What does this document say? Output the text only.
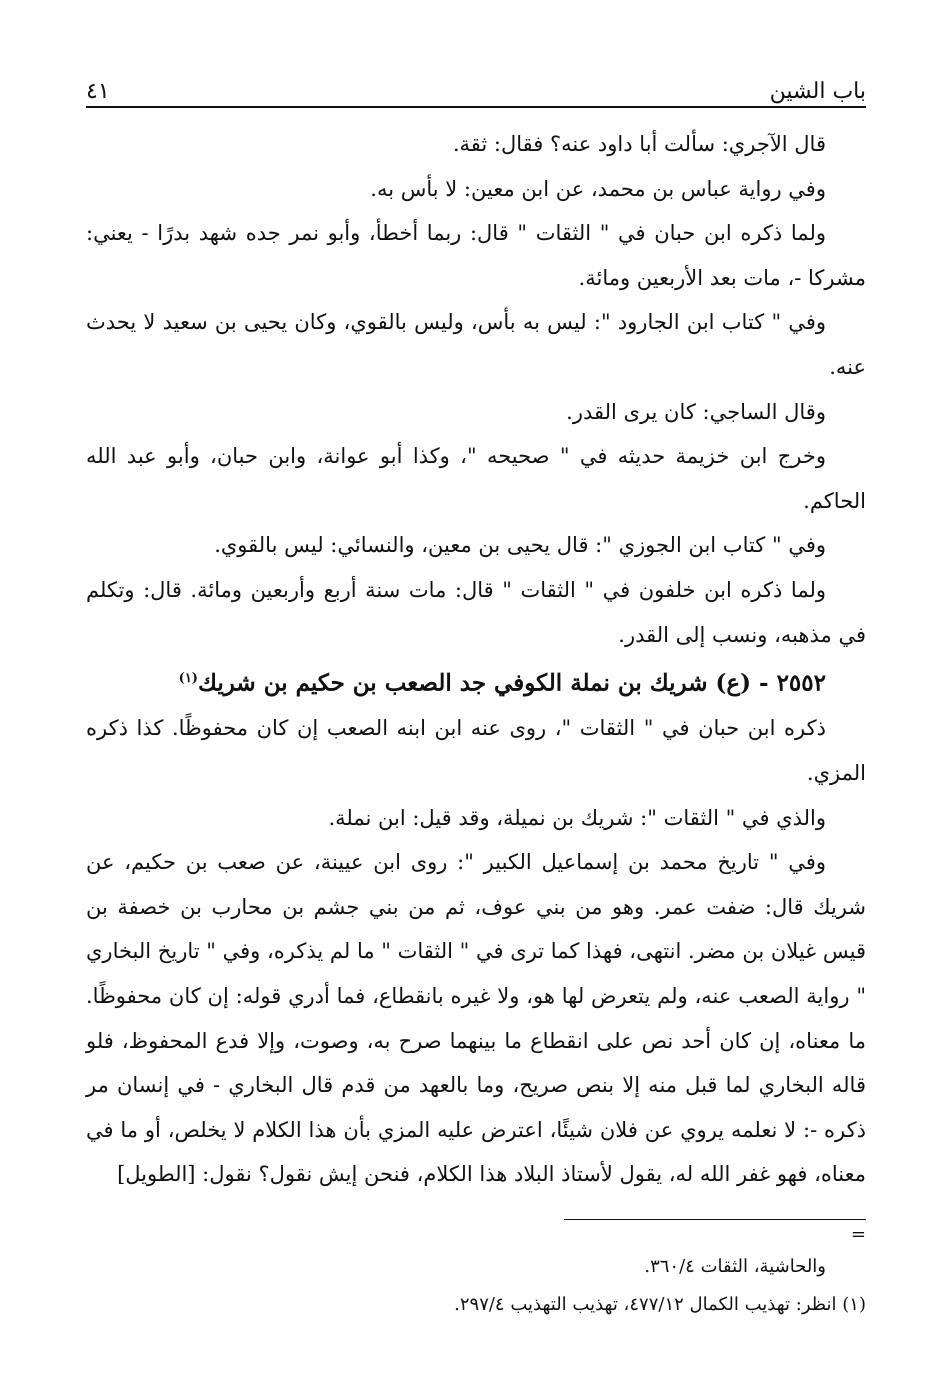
باب الشين
٤١

قال الآجري: سألت أبا داود عنه؟ فقال: ثقة.

وفي رواية عباس بن محمد، عن ابن معين: لا بأس به.

ولما ذكره ابن حبان في " الثقات " قال: ربما أخطأ، وأبو نمر جده شهد بدرًا - يعني: مشركا -، مات بعد الأربعين ومائة.

وفي " كتاب ابن الجارود ": ليس به بأس، وليس بالقوي، وكان يحيى بن سعيد لا يحدث عنه.

وقال الساجي: كان يرى القدر.

وخرج ابن خزيمة حديثه في " صحيحه "، وكذا أبو عوانة، وابن حبان، وأبو عبد الله الحاكم.

وفي " كتاب ابن الجوزي ": قال يحيى بن معين، والنسائي: ليس بالقوي.

ولما ذكره ابن خلفون في " الثقات " قال: مات سنة أربع وأربعين ومائة. قال: وتكلم في مذهبه، ونسب إلى القدر.

٢٥٥٢ - (ع) شريك بن نملة الكوفي جد الصعب بن حكيم بن شريك$^{(١)}$

ذكره ابن حبان في " الثقات "، روى عنه ابن ابنه الصعب إن كان محفوظًا. كذا ذكره المزي.

والذي في " الثقات ": شريك بن نميلة، وقد قيل: ابن نملة.

وفي " تاريخ محمد بن إسماعيل الكبير ": روى ابن عيينة، عن صعب بن حكيم، عن شريك قال: ضفت عمر. وهو من بني عوف، ثم من بني جشم بن محارب بن خصفة بن قيس غيلان بن مضر. انتهى، فهذا كما ترى في " الثقات " ما لم يذكره، وفي " تاريخ البخاري " رواية الصعب عنه، ولم يتعرض لها هو، ولا غيره بانقطاع، فما أدري قوله: إن كان محفوظًا. ما معناه، إن كان أحد نص على انقطاع ما بينهما صرح به، وصوت، وإلا فدع المحفوظ، فلو قاله البخاري لما قبل منه إلا بنص صريح، وما بالعهد من قدم قال البخاري - في إنسان مر ذكره -: لا نعلمه يروي عن فلان شيئًا، اعترض عليه المزي بأن هذا الكلام لا يخلص، أو ما في معناه، فهو غفر الله له، يقول لأستاذ البلاد هذا الكلام، فنحن إيش نقول؟ نقول: [الطويل]

=

والحاشية، الثقات ٣٦٠/٤.

(١) انظر: تهذيب الكمال ٤٧٧/١٢، تهذيب التهذيب ٢٩٧/٤.
